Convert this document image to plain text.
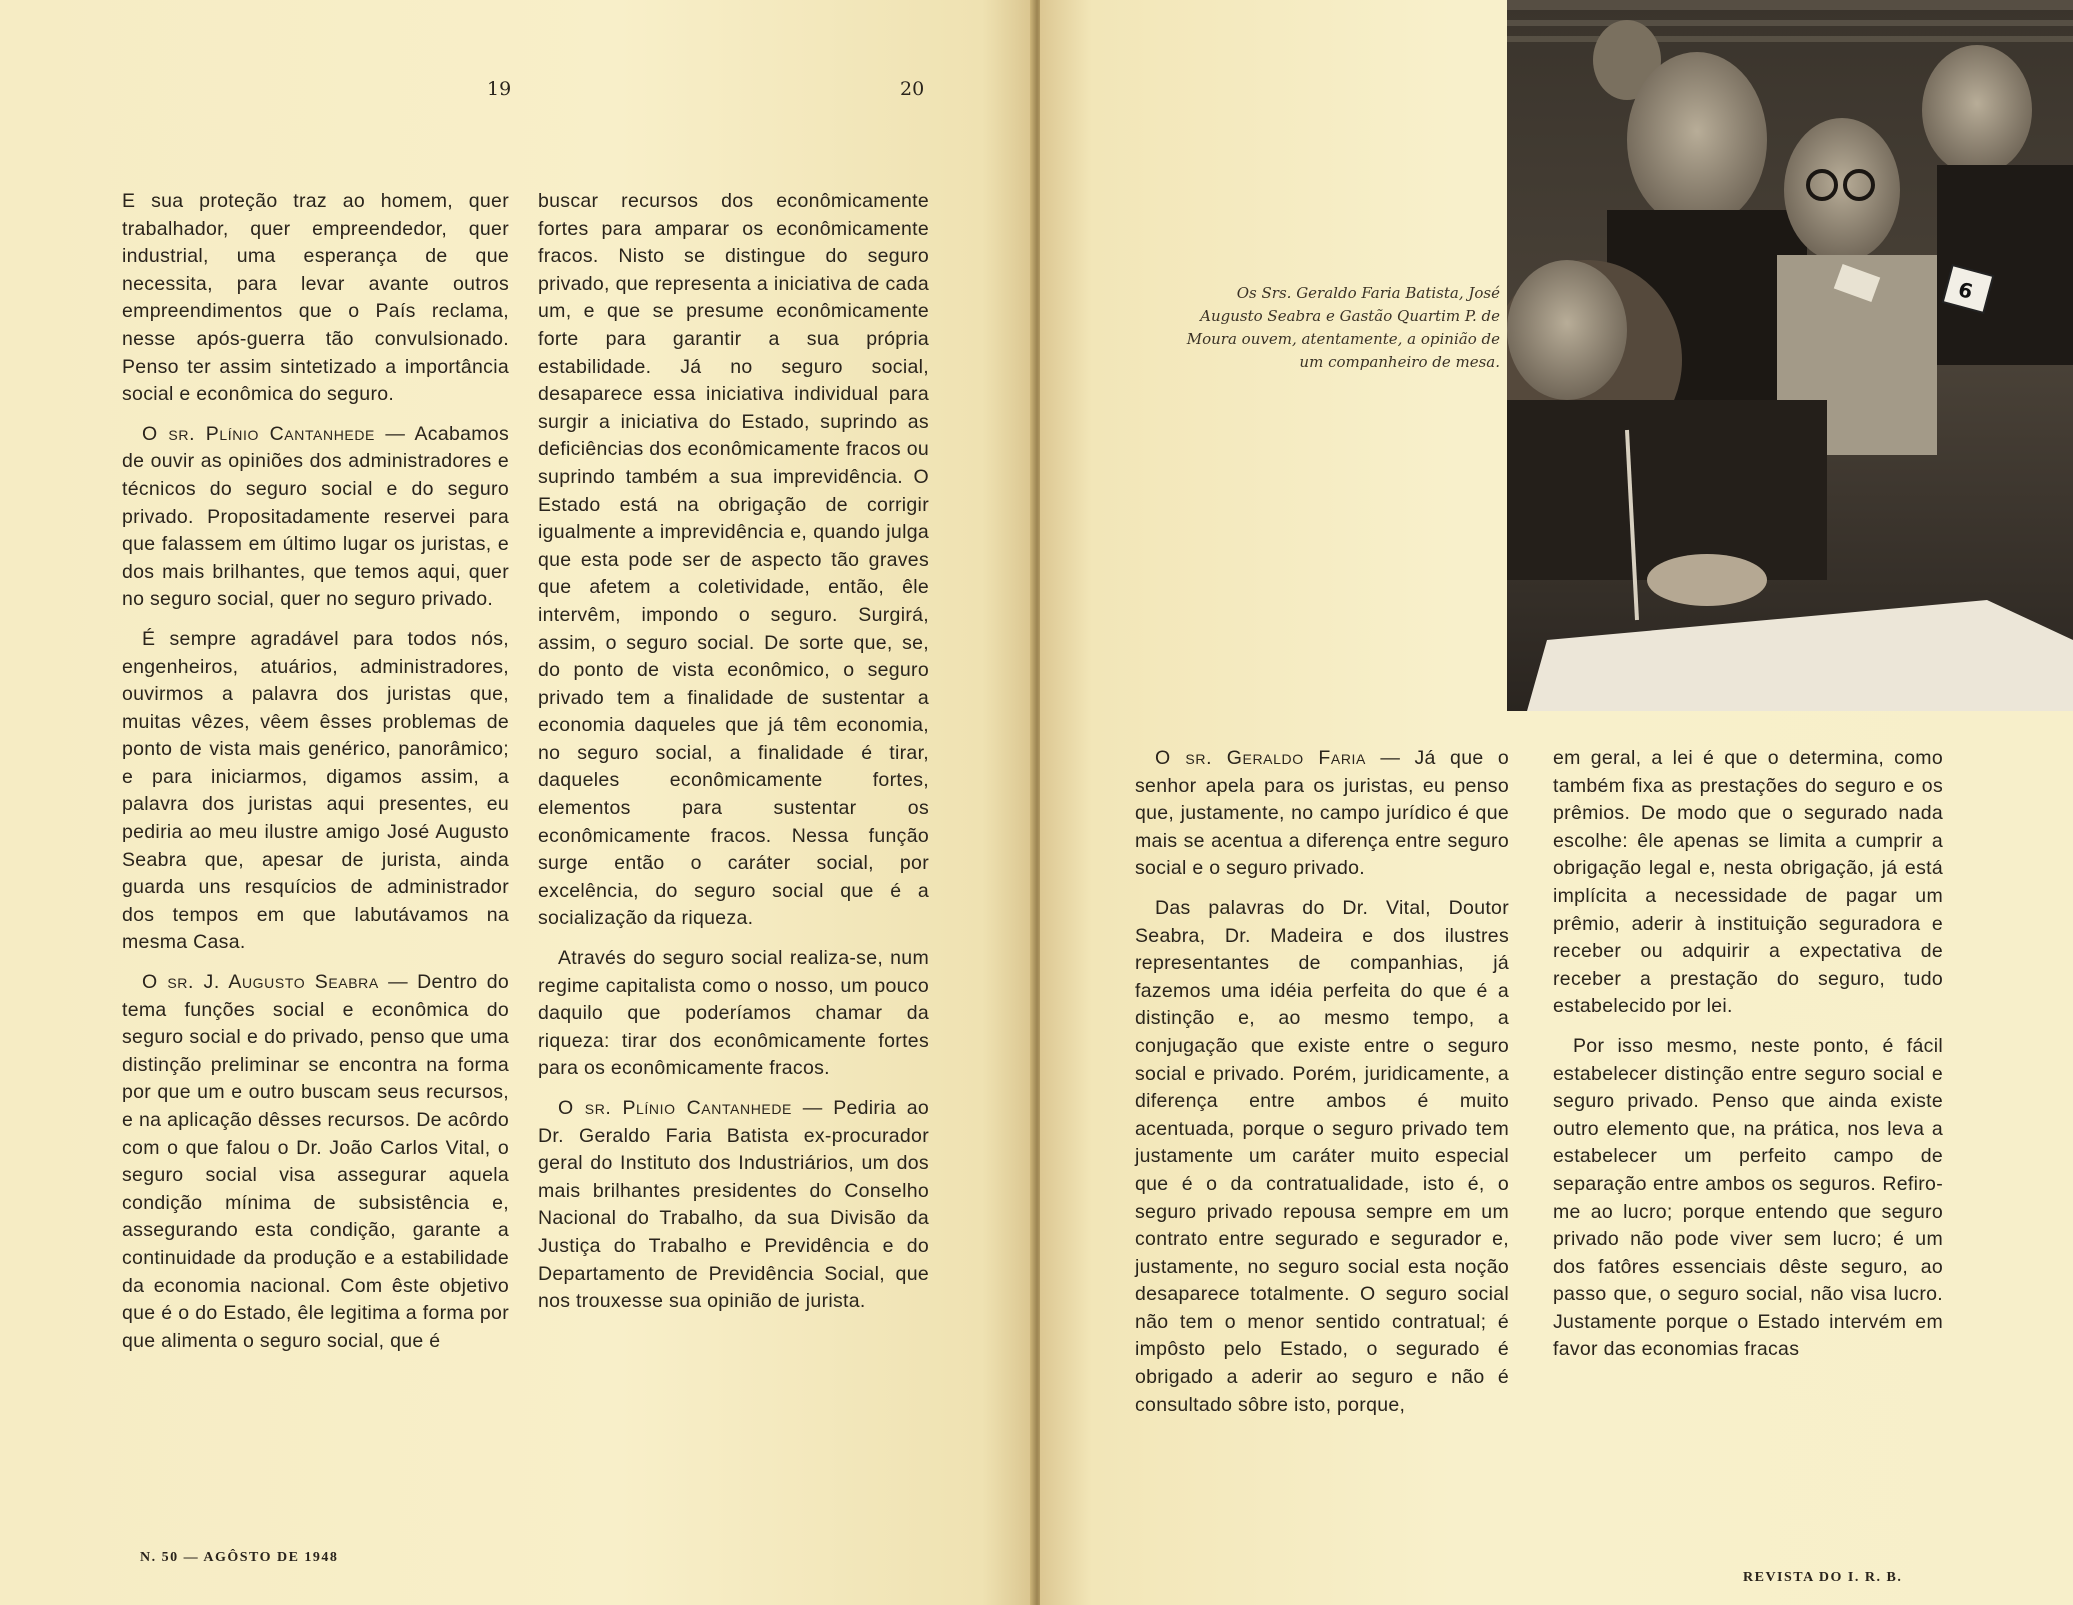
19	20

E sua proteção traz ao homem, quer trabalhador, quer empreendedor, quer industrial, uma esperança de que necessita, para levar avante outros empreendimentos que o País reclama, nesse após-guerra tão convulsionado. Penso ter assim sintetizado a importância social e econômica do seguro.

O sr. Plínio Cantanhede — Acabamos de ouvir as opiniões dos administradores e técnicos do seguro social e do seguro privado. Propositadamente reservei para que falassem em último lugar os juristas, e dos mais brilhantes, que temos aqui, quer no seguro social, quer no seguro privado.

É sempre agradável para todos nós, engenheiros, atuários, administradores, ouvirmos a palavra dos juristas que, muitas vêzes, vêem êsses problemas de ponto de vista mais genérico, panorâmico; e para iniciarmos, digamos assim, a palavra dos juristas aqui presentes, eu pediria ao meu ilustre amigo José Augusto Seabra que, apesar de jurista, ainda guarda uns resquícios de administrador dos tempos em que labutávamos na mesma Casa.

O sr. J. Augusto Seabra — Dentro do tema funções social e econômica do seguro social e do privado, penso que uma distinção preliminar se encontra na forma por que um e outro buscam seus recursos, e na aplicação dêsses recursos. De acôrdo com o que falou o Dr. João Carlos Vital, o seguro social visa assegurar aquela condição mínima de subsistência e, assegurando esta condição, garante a continuidade da produção e a estabilidade da economia nacional. Com êste objetivo que é o do Estado, êle legitima a forma por que alimenta o seguro social, que é

buscar recursos dos econômicamente fortes para amparar os econômicamente fracos. Nisto se distingue do seguro privado, que representa a iniciativa de cada um, e que se presume econômicamente forte para garantir a sua própria estabilidade. Já no seguro social, desaparece essa iniciativa individual para surgir a iniciativa do Estado, suprindo as deficiências dos econômicamente fracos ou suprindo também a sua imprevidência. O Estado está na obrigação de corrigir igualmente a imprevidência e, quando julga que esta pode ser de aspecto tão graves que afetem a coletividade, então, êle intervêm, impondo o seguro. Surgirá, assim, o seguro social. De sorte que, se, do ponto de vista econômico, o seguro privado tem a finalidade de sustentar a economia daqueles que já têm economia, no seguro social, a finalidade é tirar, daqueles econômicamente fortes, elementos para sustentar os econômicamente fracos. Nessa função surge então o caráter social, por excelência, do seguro social que é a socialização da riqueza.

Através do seguro social realiza-se, num regime capitalista como o nosso, um pouco daquilo que poderíamos chamar da riqueza: tirar dos econômicamente fortes para os econômicamente fracos.

O sr. Plínio Cantanhede — Pediria ao Dr. Geraldo Faria Batista ex-procurador geral do Instituto dos Industriários, um dos mais brilhantes presidentes do Conselho Nacional do Trabalho, da sua Divisão da Justiça do Trabalho e Previdência e do Departamento de Previdência Social, que nos trouxesse sua opinião de jurista.

N. 50 — AGÔSTO DE 1948

O sr. Geraldo Faria — Já que o senhor apela para os juristas, eu penso que, justamente, no campo jurídico é que mais se acentua a diferença entre seguro social e o seguro privado.

Das palavras do Dr. Vital, Doutor Seabra, Dr. Madeira e dos ilustres representantes de companhias, já fazemos uma idéia perfeita do que é a distinção e, ao mesmo tempo, a conjugação que existe entre o seguro social e privado. Porém, juridicamente, a diferença entre ambos é muito acentuada, porque o seguro privado tem justamente um caráter muito especial que é o da contratualidade, isto é, o seguro privado repousa sempre em um contrato entre segurado e segurador e, justamente, no seguro social esta noção desaparece totalmente. O seguro social não tem o menor sentido contratual; é impôsto pelo Estado, o segurado é obrigado a aderir ao seguro e não é consultado sôbre isto, porque,

em geral, a lei é que o determina, como também fixa as prestações do seguro e os prêmios. De modo que o segurado nada escolhe: êle apenas se limita a cumprir a obrigação legal e, nesta obrigação, já está implícita a necessidade de pagar um prêmio, aderir à instituição seguradora e receber ou adquirir a expectativa de receber a prestação do seguro, tudo estabelecido por lei.

Por isso mesmo, neste ponto, é fácil estabelecer distinção entre seguro social e seguro privado. Penso que ainda existe outro elemento que, na prática, nos leva a estabelecer um perfeito campo de separação entre ambos os seguros. Refiro-me ao lucro; porque entendo que seguro privado não pode viver sem lucro; é um dos fatôres essenciais dêste seguro, ao passo que, o seguro social, não visa lucro. Justamente porque o Estado intervém em favor das economias fracas

REVISTA DO I. R. B.
Os Srs. Geraldo Faria Batista, José Augusto Seabra e Gastão Quartim P. de Moura ouvem, atentamente, a opinião de um companheiro de mesa.
6
